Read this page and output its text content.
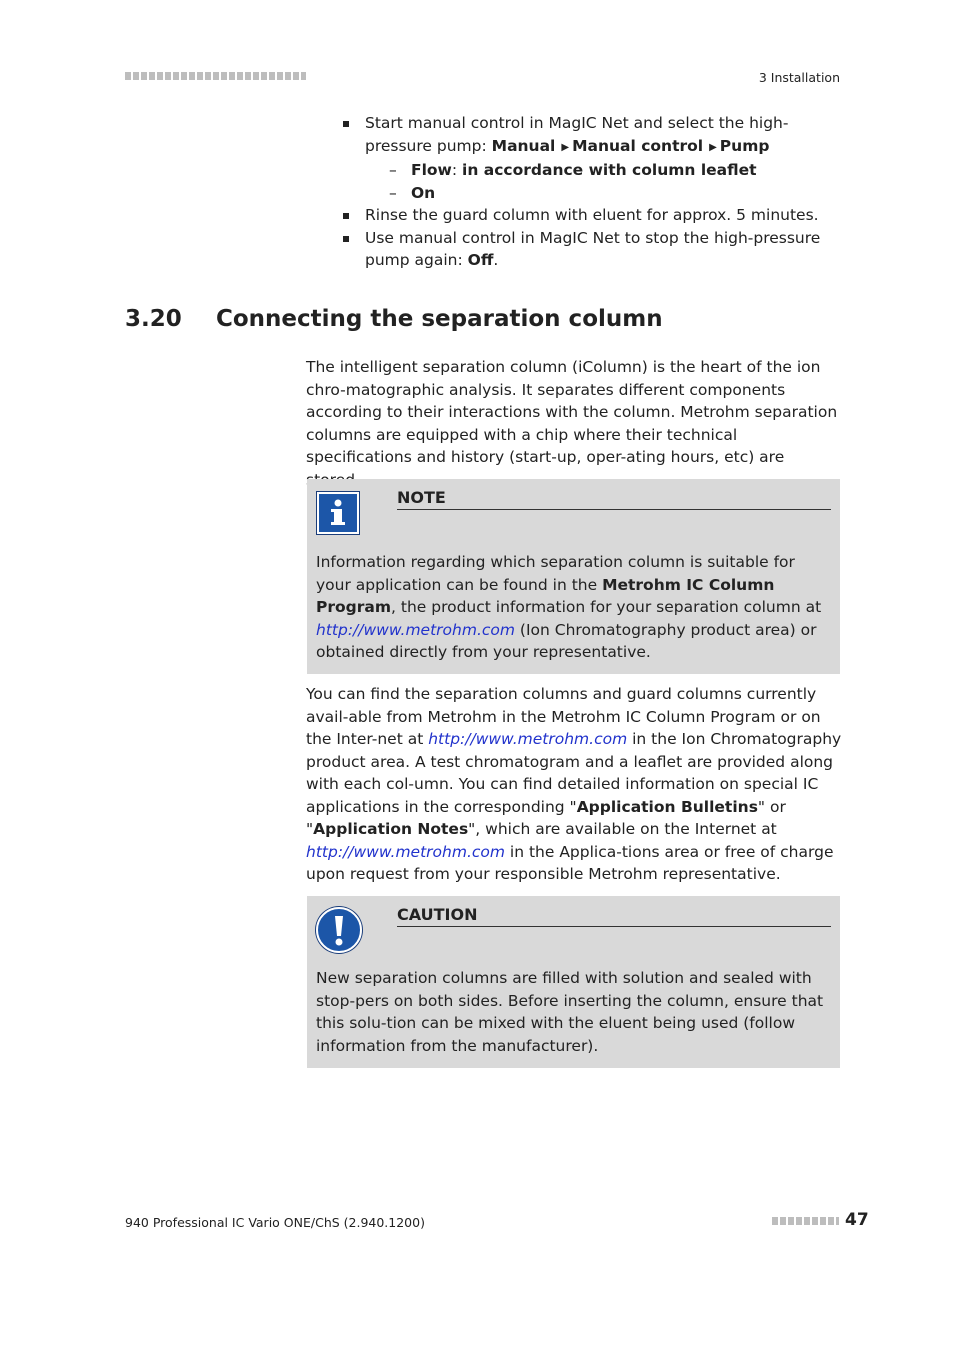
3 Installation
Start manual control in MagIC Net and select the high-pressure pump: Manual ▶ Manual control ▶ Pump
– Flow: in accordance with column leaflet
– On
Rinse the guard column with eluent for approx. 5 minutes.
Use manual control in MagIC Net to stop the high-pressure pump again: Off.
3.20 Connecting the separation column
The intelligent separation column (iColumn) is the heart of the ion chro-matographic analysis. It separates different components according to their interactions with the column. Metrohm separation columns are equipped with a chip where their technical specifications and history (start-up, oper-ating hours, etc) are
NOTE
Information regarding which separation column is suitable for your application can be found in the Metrohm IC Column Program, the product information for your separation column at http://www.metrohm.com (Ion Chromatography product area) or obtained directly from your representative.
You can find the separation columns and guard columns currently avail-able from Metrohm in the Metrohm IC Column Program or on the Inter-net at http://www.metrohm.com in the Ion Chromatography product area. A test chromatogram and a leaflet are provided along with each col-umn. You can find detailed information on special IC applications in the corresponding "Application Bulletins" or "Application Notes", which are available on the Internet at http://www.metrohm.com in the Applica-tions area or free of charge upon request from your responsible Metrohm representative.
CAUTION
New separation columns are filled with solution and sealed with stop-pers on both sides. Before inserting the column, ensure that this solu-tion can be mixed with the eluent being used (follow information from the manufacturer).
940 Professional IC Vario ONE/ChS (2.940.1200)	47
